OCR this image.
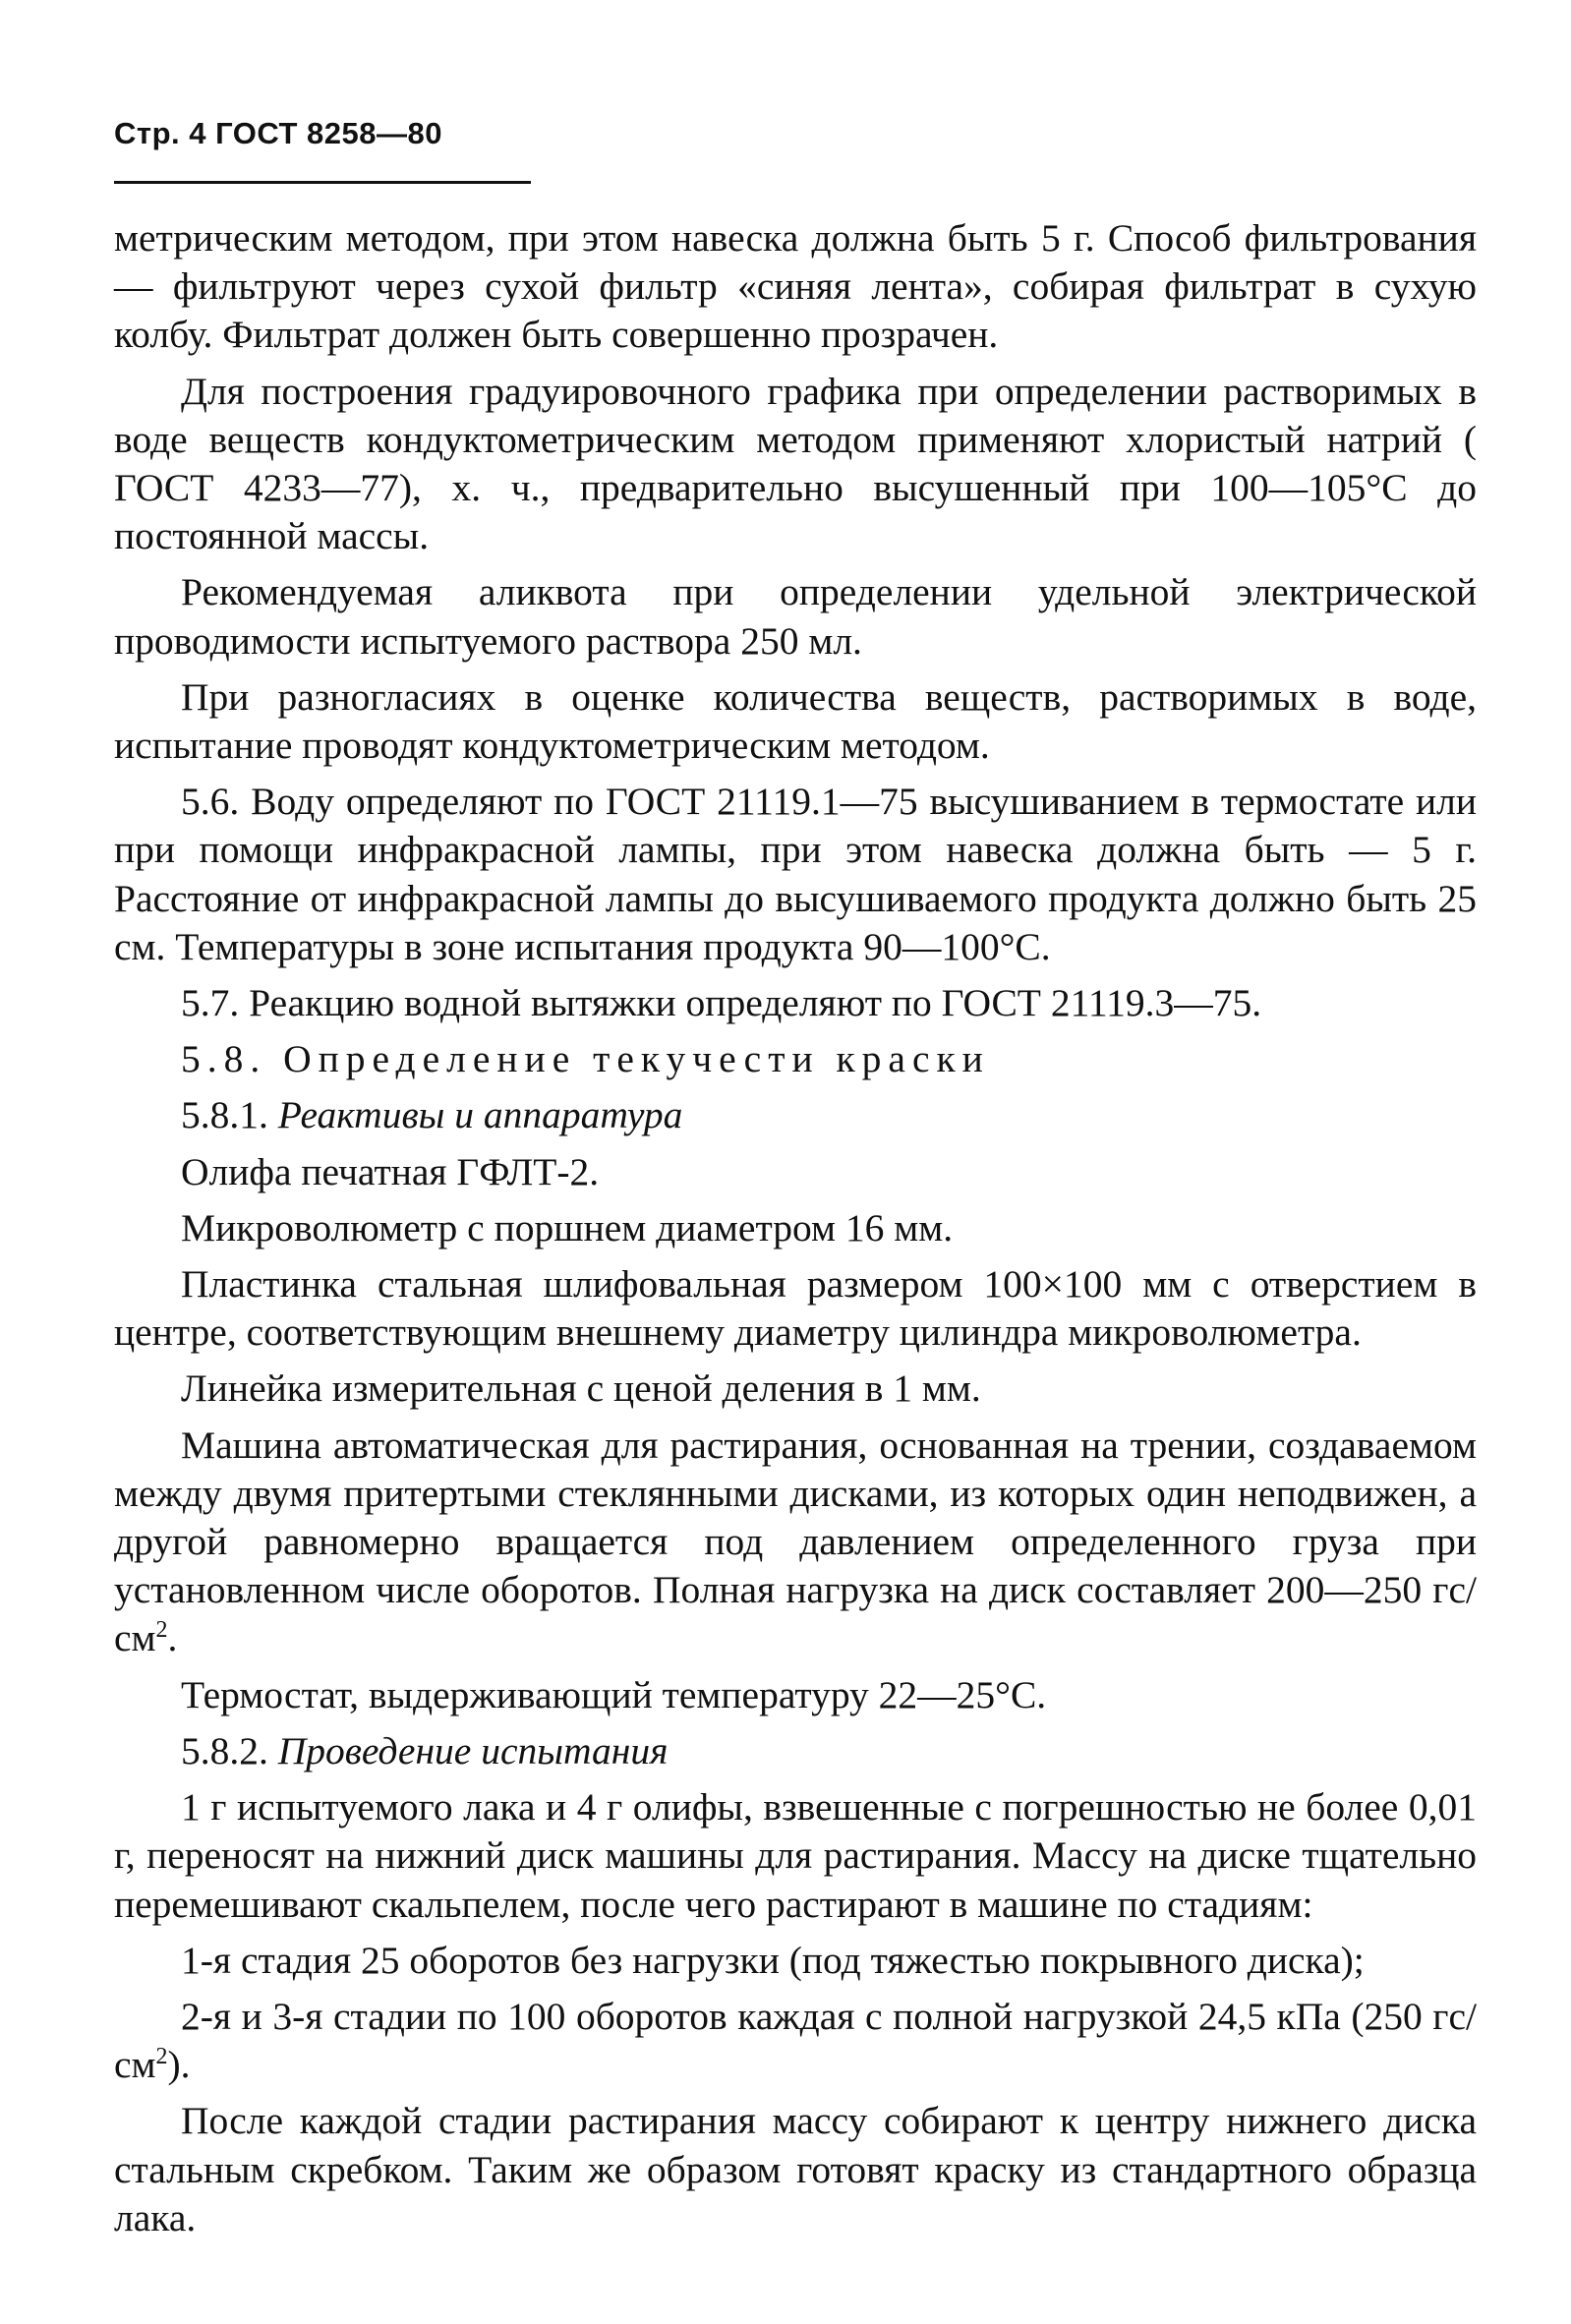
Стр. 4 ГОСТ 8258—80

метрическим методом, при этом навеска должна быть 5 г. Способ фильтрования — фильтруют через сухой фильтр «синяя лента», собирая фильтрат в сухую колбу. Фильтрат должен быть совершенно прозрачен.

Для построения градуировочного графика при определении растворимых в воде веществ кондуктометрическим методом применяют хлористый натрий ( ГОСТ 4233—77), х. ч., предварительно высушенный при 100—105°С до постоянной массы.

Рекомендуемая аликвота при определении удельной электрической проводимости испытуемого раствора 250 мл.

При разногласиях в оценке количества веществ, растворимых в воде, испытание проводят кондуктометрическим методом.

5.6. Воду определяют по ГОСТ 21119.1—75 высушиванием в термостате или при помощи инфракрасной лампы, при этом навеска должна быть — 5 г. Расстояние от инфракрасной лампы до высушиваемого продукта должно быть 25 см. Температуры в зоне испытания продукта 90—100°С.

5.7. Реакцию водной вытяжки определяют по ГОСТ 21119.3—75.

5.8. Определение текучести краски

5.8.1. Реактивы и аппаратура

Олифа печатная ГФЛТ-2.

Микроволюметр с поршнем диаметром 16 мм.

Пластинка стальная шлифовальная размером 100×100 мм с отверстием в центре, соответствующим внешнему диаметру цилиндра микроволюметра.

Линейка измерительная с ценой деления в 1 мм.

Машина автоматическая для растирания, основанная на трении, создаваемом между двумя притертыми стеклянными дисками, из которых один неподвижен, а другой равномерно вращается под давлением определенного груза при установленном числе оборотов. Полная нагрузка на диск составляет 200—250 $гс/см^2$.

Термостат, выдерживающий температуру 22—25°С.

5.8.2. Проведение испытания

1 г испытуемого лака и 4 г олифы, взвешенные с погрешностью не более 0,01 г, переносят на нижний диск машины для растирания. Массу на диске тщательно перемешивают скальпелем, после чего растирают в машине по стадиям:

1-я стадия 25 оборотов без нагрузки (под тяжестью покрывного диска);

2-я и 3-я стадии по 100 оборотов каждая с полной нагрузкой 24,5 кПа (250 $гс/см^2$).

После каждой стадии растирания массу собирают к центру нижнего диска стальным скребком. Таким же образом готовят краску из стандартного образца лака.
